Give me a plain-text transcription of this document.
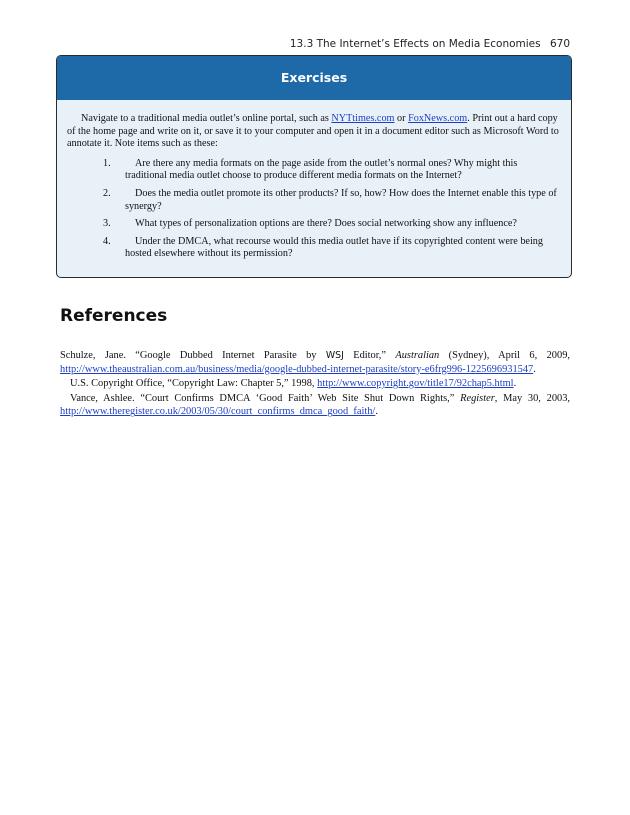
13.3 The Internet’s Effects on Media Economies 670
Exercises

Navigate to a traditional media outlet’s online portal, such as NYTtimes.com or FoxNews.com. Print out a hard copy of the home page and write on it, or save it to your computer and open it in a document editor such as Microsoft Word to annotate it. Note items such as these:

1.	Are there any media formats on the page aside from the outlet’s normal ones? Why might this traditional media outlet choose to produce different media formats on the Internet?
2.	Does the media outlet promote its other products? If so, how? How does the Internet enable this type of synergy?
3.	What types of personalization options are there? Does social networking show any influence?
4.	Under the DMCA, what recourse would this media outlet have if its copyrighted content were being hosted elsewhere without its permission?
References

Schulze, Jane. “Google Dubbed Internet Parasite by WSJ Editor,” Australian (Sydney), April 6, 2009, http://www.theaustralian.com.au/business/media/google-dubbed-internet-parasite/story-e6frg996-1225696931547.

U.S. Copyright Office, “Copyright Law: Chapter 5,” 1998, http://www.copyright.gov/title17/92chap5.html.

Vance, Ashlee. “Court Confirms DMCA ‘Good Faith’ Web Site Shut Down Rights,” Register, May 30, 2003, http://www.theregister.co.uk/2003/05/30/court_confirms_dmca_good_faith/.
